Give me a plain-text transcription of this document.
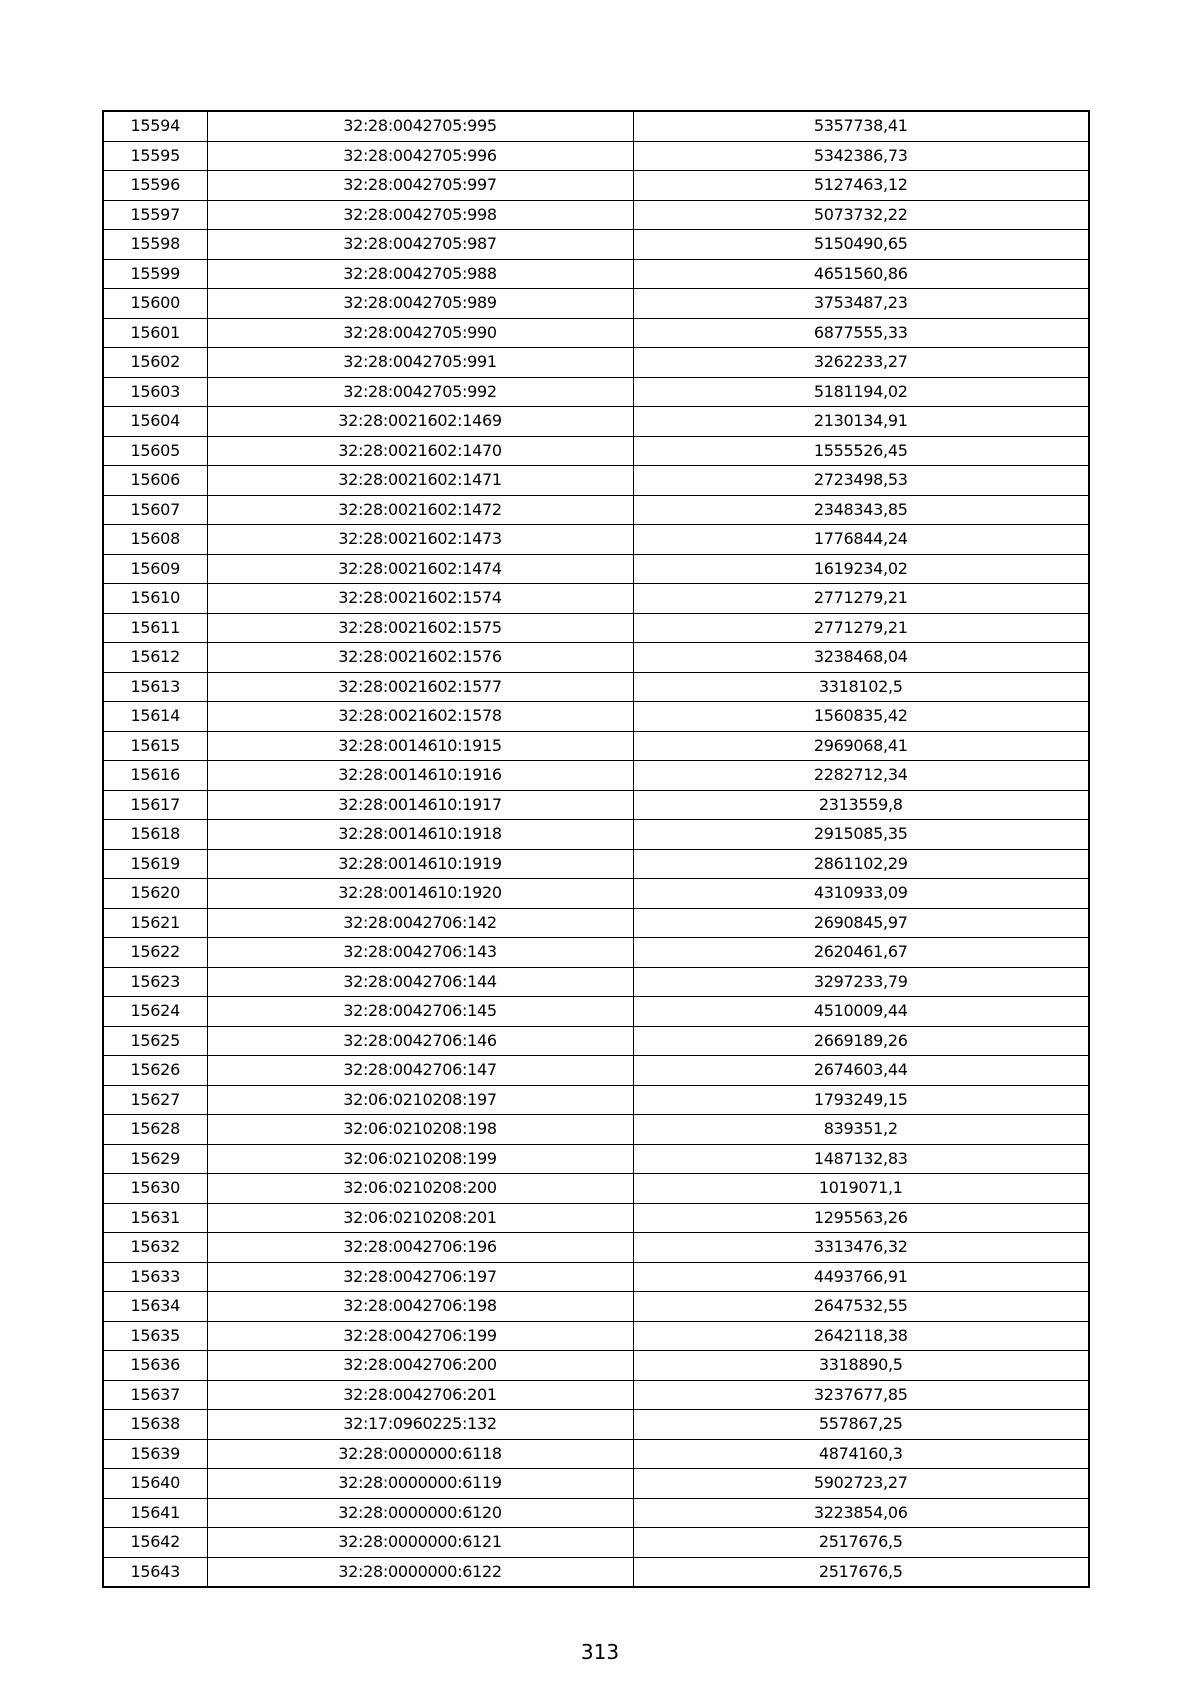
15594	32:28:0042705:995	5357738,41
15595	32:28:0042705:996	5342386,73
15596	32:28:0042705:997	5127463,12
15597	32:28:0042705:998	5073732,22
15598	32:28:0042705:987	5150490,65
15599	32:28:0042705:988	4651560,86
15600	32:28:0042705:989	3753487,23
15601	32:28:0042705:990	6877555,33
15602	32:28:0042705:991	3262233,27
15603	32:28:0042705:992	5181194,02
15604	32:28:0021602:1469	2130134,91
15605	32:28:0021602:1470	1555526,45
15606	32:28:0021602:1471	2723498,53
15607	32:28:0021602:1472	2348343,85
15608	32:28:0021602:1473	1776844,24
15609	32:28:0021602:1474	1619234,02
15610	32:28:0021602:1574	2771279,21
15611	32:28:0021602:1575	2771279,21
15612	32:28:0021602:1576	3238468,04
15613	32:28:0021602:1577	3318102,5
15614	32:28:0021602:1578	1560835,42
15615	32:28:0014610:1915	2969068,41
15616	32:28:0014610:1916	2282712,34
15617	32:28:0014610:1917	2313559,8
15618	32:28:0014610:1918	2915085,35
15619	32:28:0014610:1919	2861102,29
15620	32:28:0014610:1920	4310933,09
15621	32:28:0042706:142	2690845,97
15622	32:28:0042706:143	2620461,67
15623	32:28:0042706:144	3297233,79
15624	32:28:0042706:145	4510009,44
15625	32:28:0042706:146	2669189,26
15626	32:28:0042706:147	2674603,44
15627	32:06:0210208:197	1793249,15
15628	32:06:0210208:198	839351,2
15629	32:06:0210208:199	1487132,83
15630	32:06:0210208:200	1019071,1
15631	32:06:0210208:201	1295563,26
15632	32:28:0042706:196	3313476,32
15633	32:28:0042706:197	4493766,91
15634	32:28:0042706:198	2647532,55
15635	32:28:0042706:199	2642118,38
15636	32:28:0042706:200	3318890,5
15637	32:28:0042706:201	3237677,85
15638	32:17:0960225:132	557867,25
15639	32:28:0000000:6118	4874160,3
15640	32:28:0000000:6119	5902723,27
15641	32:28:0000000:6120	3223854,06
15642	32:28:0000000:6121	2517676,5
15643	32:28:0000000:6122	2517676,5
313
